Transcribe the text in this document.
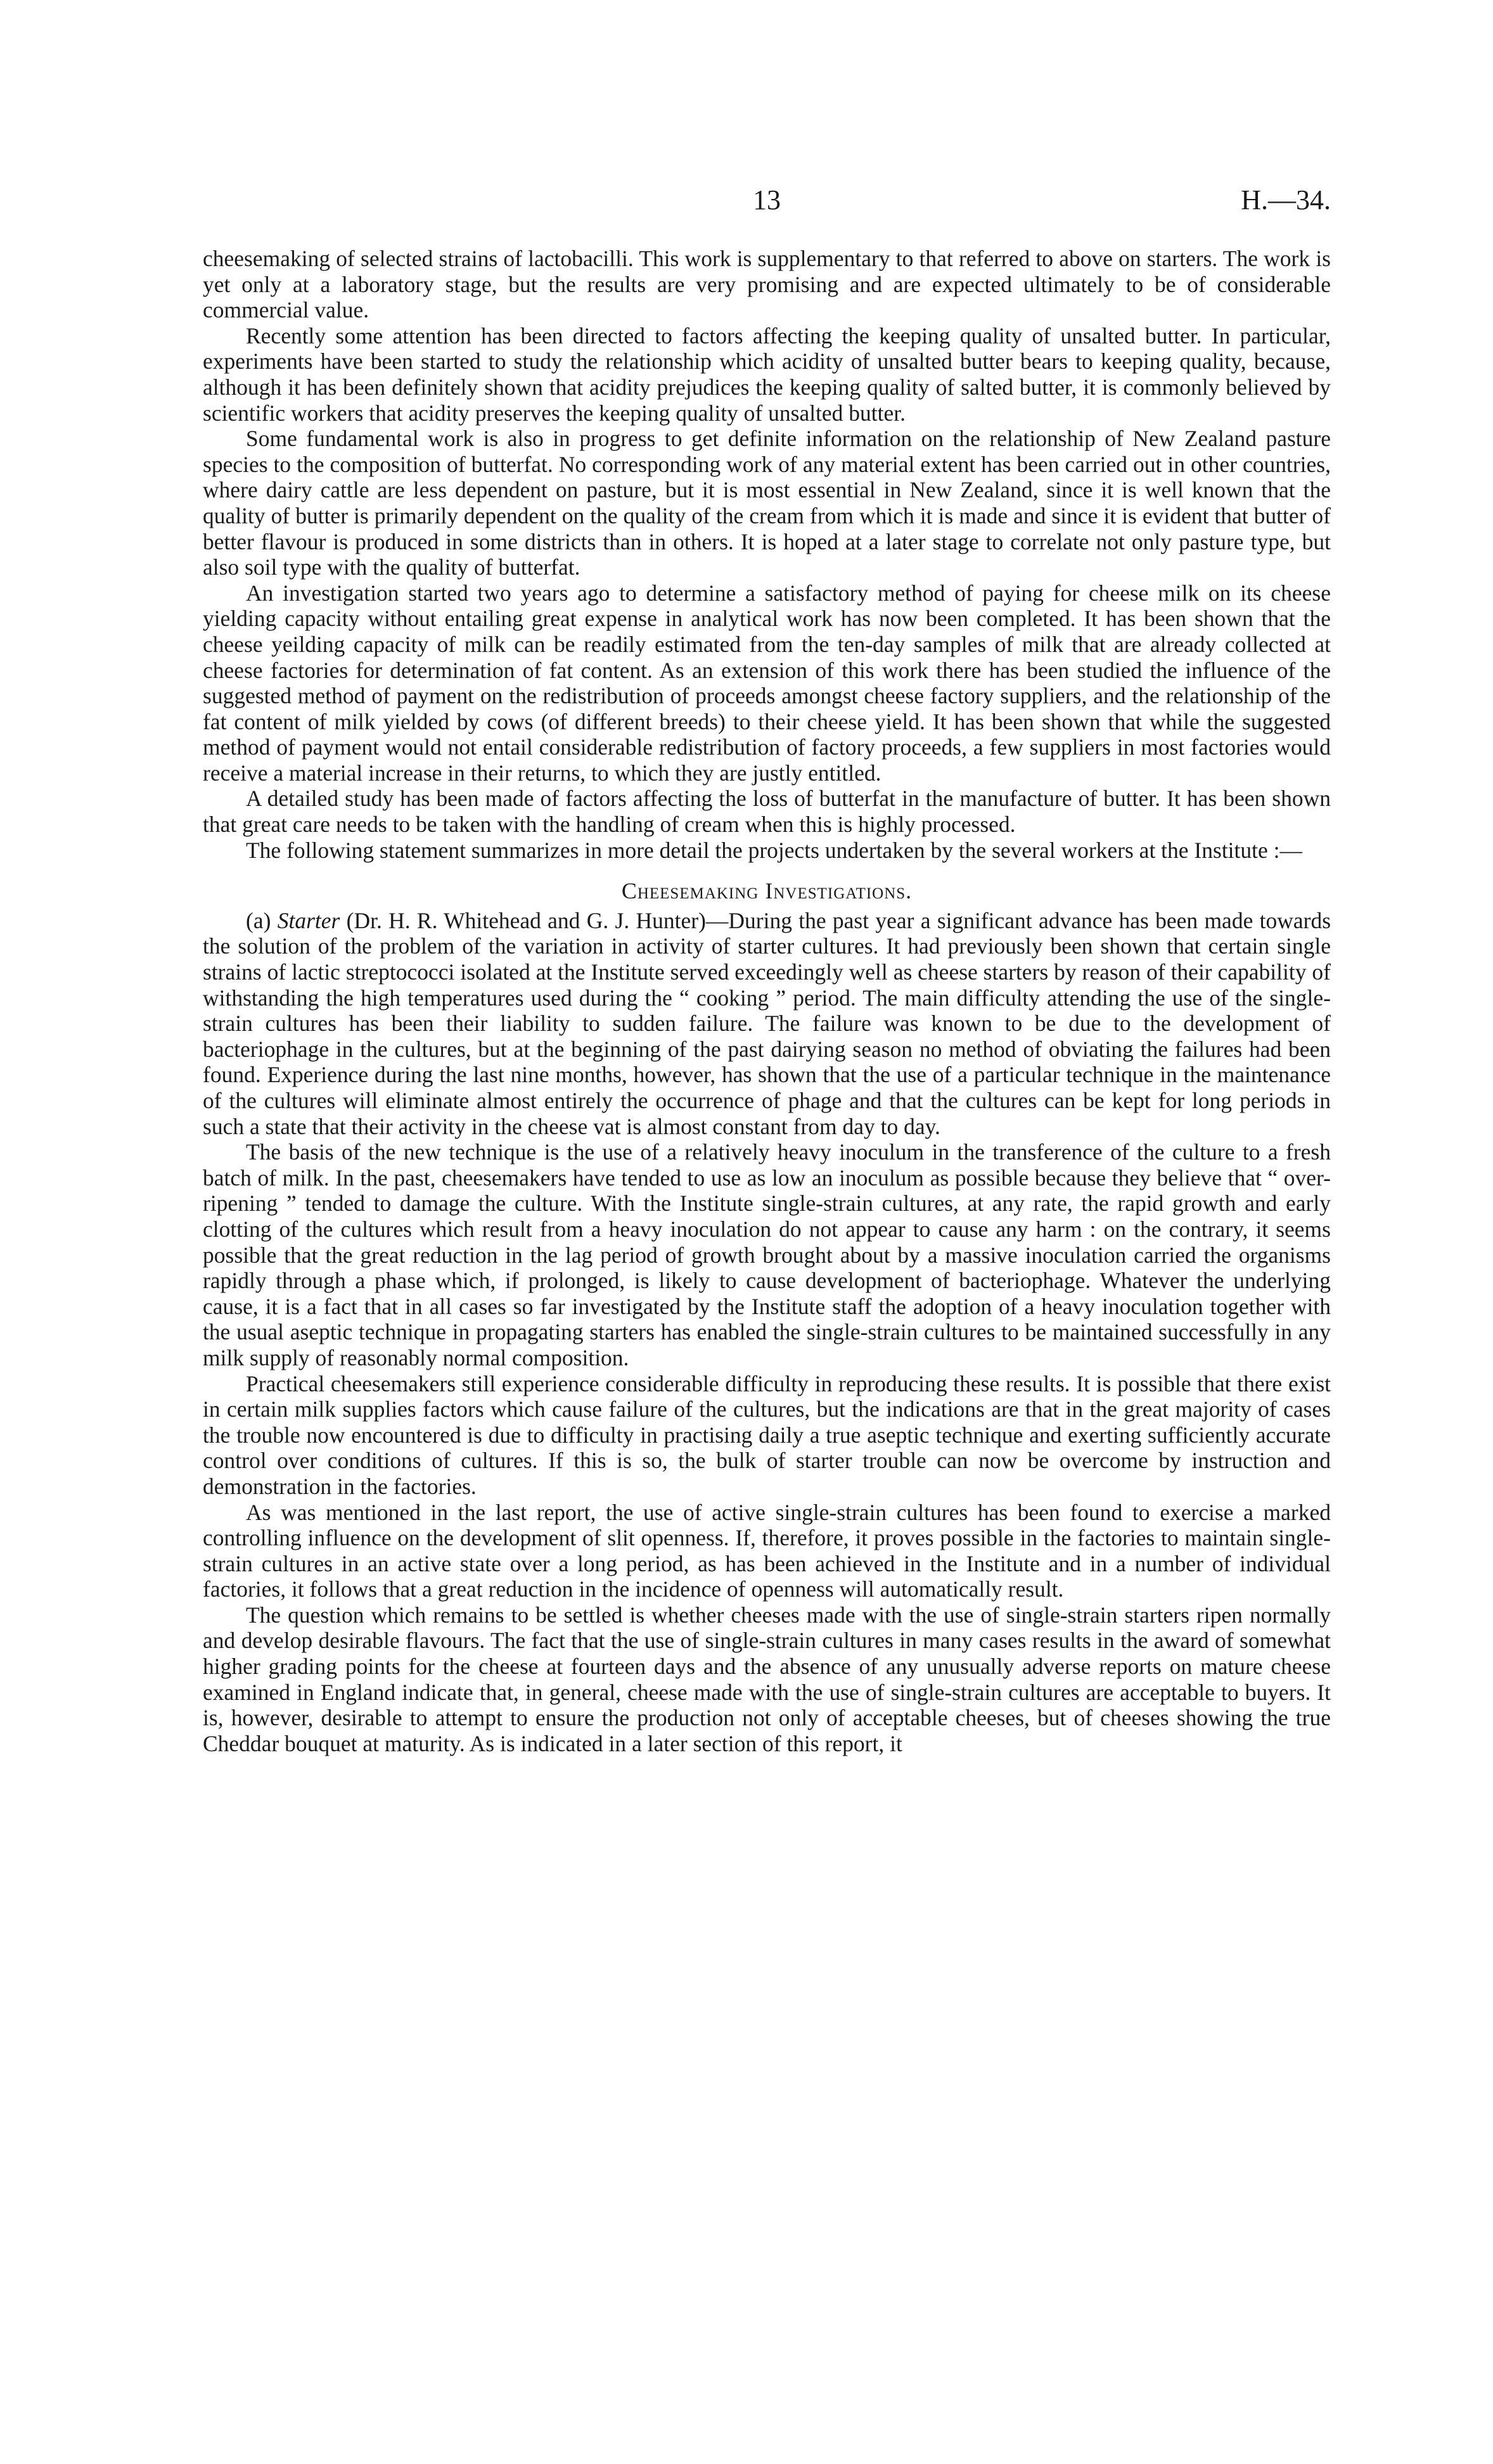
13	H.—34.

cheesemaking of selected strains of lactobacilli. This work is supplementary to that referred to above on starters. The work is yet only at a laboratory stage, but the results are very promising and are expected ultimately to be of considerable commercial value.

Recently some attention has been directed to factors affecting the keeping quality of unsalted butter. In particular, experiments have been started to study the relationship which acidity of unsalted butter bears to keeping quality, because, although it has been definitely shown that acidity prejudices the keeping quality of salted butter, it is commonly believed by scientific workers that acidity preserves the keeping quality of unsalted butter.

Some fundamental work is also in progress to get definite information on the relationship of New Zealand pasture species to the composition of butterfat. No corresponding work of any material extent has been carried out in other countries, where dairy cattle are less dependent on pasture, but it is most essential in New Zealand, since it is well known that the quality of butter is primarily dependent on the quality of the cream from which it is made and since it is evident that butter of better flavour is produced in some districts than in others. It is hoped at a later stage to correlate not only pasture type, but also soil type with the quality of butterfat.

An investigation started two years ago to determine a satisfactory method of paying for cheese milk on its cheese yielding capacity without entailing great expense in analytical work has now been completed. It has been shown that the cheese yeilding capacity of milk can be readily estimated from the ten-day samples of milk that are already collected at cheese factories for determination of fat content. As an extension of this work there has been studied the influence of the suggested method of payment on the redistribution of proceeds amongst cheese factory suppliers, and the relationship of the fat content of milk yielded by cows (of different breeds) to their cheese yield. It has been shown that while the suggested method of payment would not entail considerable redistribution of factory proceeds, a few suppliers in most factories would receive a material increase in their returns, to which they are justly entitled.

A detailed study has been made of factors affecting the loss of butterfat in the manufacture of butter. It has been shown that great care needs to be taken with the handling of cream when this is highly processed.

The following statement summarizes in more detail the projects undertaken by the several workers at the Institute :—

Cheesemaking Investigations.

(a) Starter (Dr. H. R. Whitehead and G. J. Hunter)—During the past year a significant advance has been made towards the solution of the problem of the variation in activity of starter cultures. It had previously been shown that certain single strains of lactic streptococci isolated at the Institute served exceedingly well as cheese starters by reason of their capability of withstanding the high temperatures used during the “ cooking ” period. The main difficulty attending the use of the single-strain cultures has been their liability to sudden failure. The failure was known to be due to the development of bacteriophage in the cultures, but at the beginning of the past dairying season no method of obviating the failures had been found. Experience during the last nine months, however, has shown that the use of a particular technique in the maintenance of the cultures will eliminate almost entirely the occurrence of phage and that the cultures can be kept for long periods in such a state that their activity in the cheese vat is almost constant from day to day.

The basis of the new technique is the use of a relatively heavy inoculum in the transference of the culture to a fresh batch of milk. In the past, cheesemakers have tended to use as low an inoculum as possible because they believe that “ over-ripening ” tended to damage the culture. With the Institute single-strain cultures, at any rate, the rapid growth and early clotting of the cultures which result from a heavy inoculation do not appear to cause any harm : on the contrary, it seems possible that the great reduction in the lag period of growth brought about by a massive inoculation carried the organisms rapidly through a phase which, if prolonged, is likely to cause development of bacteriophage. Whatever the underlying cause, it is a fact that in all cases so far investigated by the Institute staff the adoption of a heavy inoculation together with the usual aseptic technique in propagating starters has enabled the single-strain cultures to be maintained successfully in any milk supply of reasonably normal composition.

Practical cheesemakers still experience considerable difficulty in reproducing these results. It is possible that there exist in certain milk supplies factors which cause failure of the cultures, but the indications are that in the great majority of cases the trouble now encountered is due to difficulty in practising daily a true aseptic technique and exerting sufficiently accurate control over conditions of cultures. If this is so, the bulk of starter trouble can now be overcome by instruction and demonstration in the factories.

As was mentioned in the last report, the use of active single-strain cultures has been found to exercise a marked controlling influence on the development of slit openness. If, therefore, it proves possible in the factories to maintain single-strain cultures in an active state over a long period, as has been achieved in the Institute and in a number of individual factories, it follows that a great reduction in the incidence of openness will automatically result.

The question which remains to be settled is whether cheeses made with the use of single-strain starters ripen normally and develop desirable flavours. The fact that the use of single-strain cultures in many cases results in the award of somewhat higher grading points for the cheese at fourteen days and the absence of any unusually adverse reports on mature cheese examined in England indicate that, in general, cheese made with the use of single-strain cultures are acceptable to buyers. It is, however, desirable to attempt to ensure the production not only of acceptable cheeses, but of cheeses showing the true Cheddar bouquet at maturity. As is indicated in a later section of this report, it
